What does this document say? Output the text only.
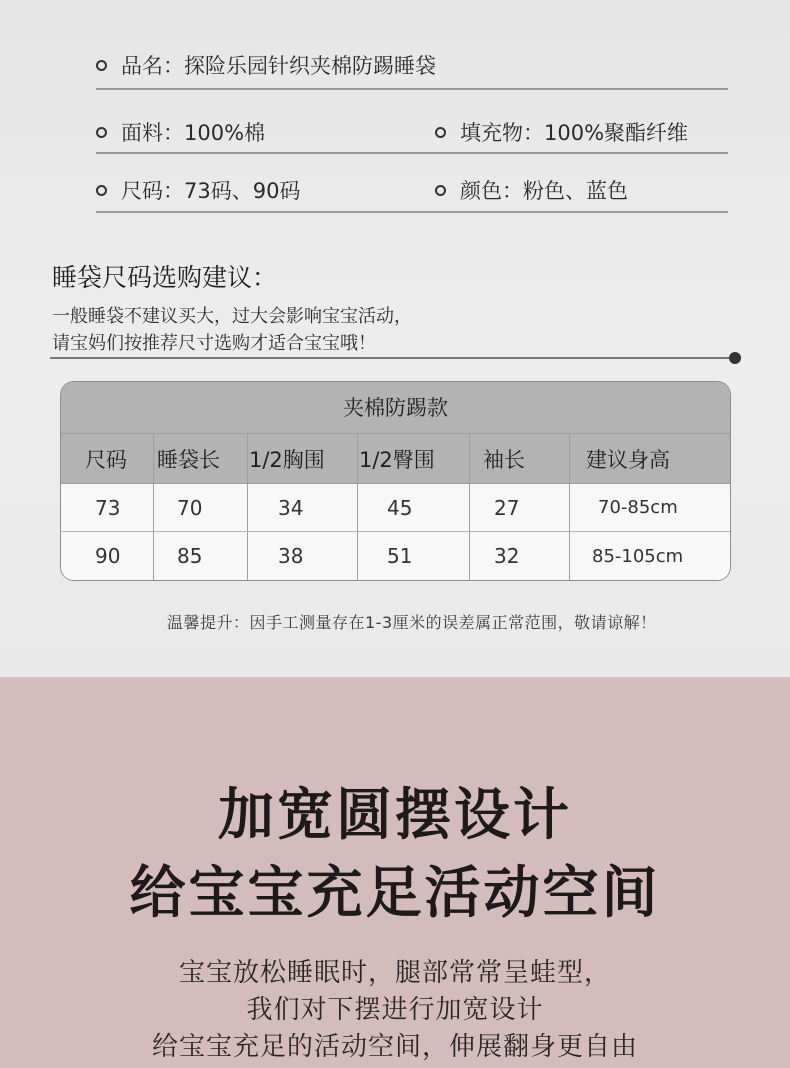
品名： 探险乐园针织夹棉防踢睡袋
面料： 100%棉	填充物： 100%聚酯纤维
尺码： 73码、90码	颜色： 粉色、蓝色
睡袋尺码选购建议：
一般睡袋不建议买大，过大会影响宝宝活动，
请宝妈们按推荐尺寸选购才适合宝宝哦！
夹棉防踢款
尺码	睡袋长	1/2胸围	1/2臀围	袖长	建议身高
73	70	34	45	27	70-85cm
90	85	38	51	32	85-105cm
温馨提升：因手工测量存在1-3厘米的误差属正常范围，敬请谅解！
加宽圆摆设计
给宝宝充足活动空间
宝宝放松睡眠时，腿部常常呈蛙型，
我们对下摆进行加宽设计
给宝宝充足的活动空间，伸展翻身更自由
